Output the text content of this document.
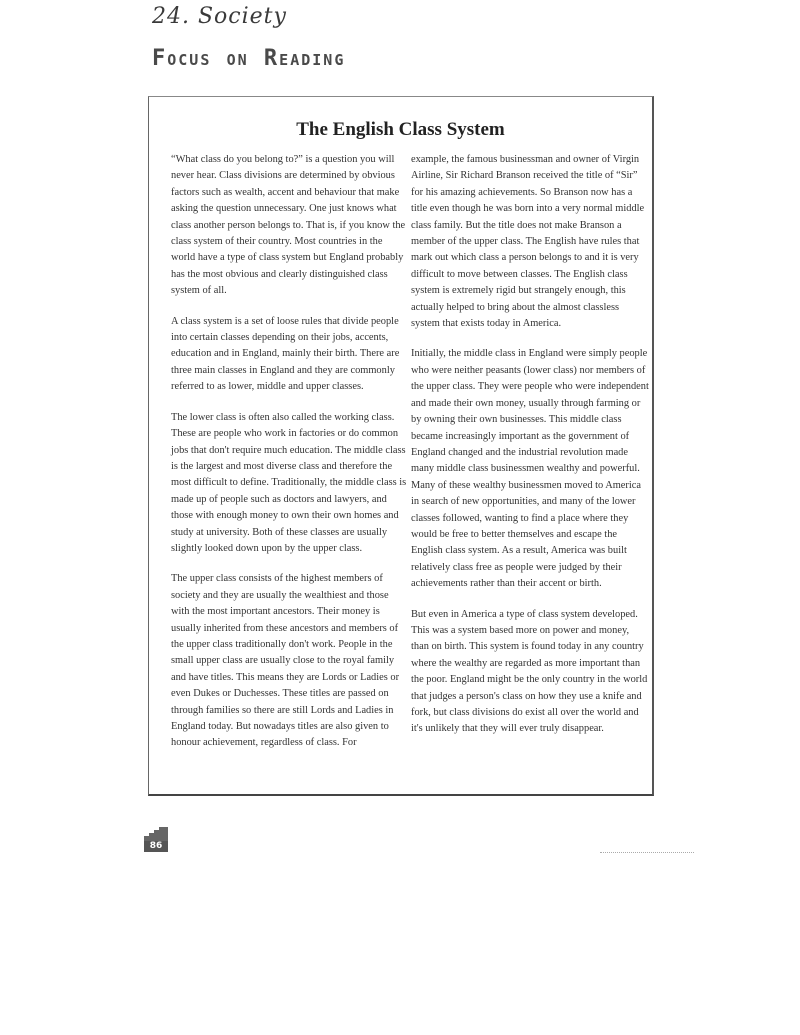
24. Society
Focus on Reading
The English Class System

“What class do you belong to?” is a question you will never hear. Class divisions are determined by obvious factors such as wealth, accent and behaviour that make asking the question unnecessary. One just knows what class another person belongs to. That is, if you know the class system of their country. Most countries in the world have a type of class system but England probably has the most obvious and clearly distinguished class system of all.

A class system is a set of loose rules that divide people into certain classes depending on their jobs, accents, education and in England, mainly their birth. There are three main classes in England and they are commonly referred to as lower, middle and upper classes.

The lower class is often also called the working class. These are people who work in factories or do common jobs that don't require much education. The middle class is the largest and most diverse class and therefore the most difficult to define. Traditionally, the middle class is made up of people such as doctors and lawyers, and those with enough money to own their own homes and study at university. Both of these classes are usually slightly looked down upon by the upper class.

The upper class consists of the highest members of society and they are usually the wealthiest and those with the most important ancestors. Their money is usually inherited from these ancestors and members of the upper class traditionally don't work. People in the small upper class are usually close to the royal family and have titles. This means they are Lords or Ladies or even Dukes or Duchesses. These titles are passed on through families so there are still Lords and Ladies in England today. But nowadays titles are also given to honour achievement, regardless of class. For

example, the famous businessman and owner of Virgin Airline, Sir Richard Branson received the title of “Sir” for his amazing achievements. So Branson now has a title even though he was born into a very normal middle class family. But the title does not make Branson a member of the upper class. The English have rules that mark out which class a person belongs to and it is very difficult to move between classes. The English class system is extremely rigid but strangely enough, this actually helped to bring about the almost classless system that exists today in America.

Initially, the middle class in England were simply people who were neither peasants (lower class) nor members of the upper class. They were people who were independent and made their own money, usually through farming or by owning their own businesses. This middle class became increasingly important as the government of England changed and the industrial revolution made many middle class businessmen wealthy and powerful. Many of these wealthy businessmen moved to America in search of new opportunities, and many of the lower classes followed, wanting to find a place where they would be free to better themselves and escape the English class system. As a result, America was built relatively class free as people were judged by their achievements rather than their accent or birth.

But even in America a type of class system developed. This was a system based more on power and money, than on birth. This system is found today in any country where the wealthy are regarded as more important than the poor. England might be the only country in the world that judges a person's class on how they use a knife and fork, but class divisions do exist all over the world and it's unlikely that they will ever truly disappear.

86
